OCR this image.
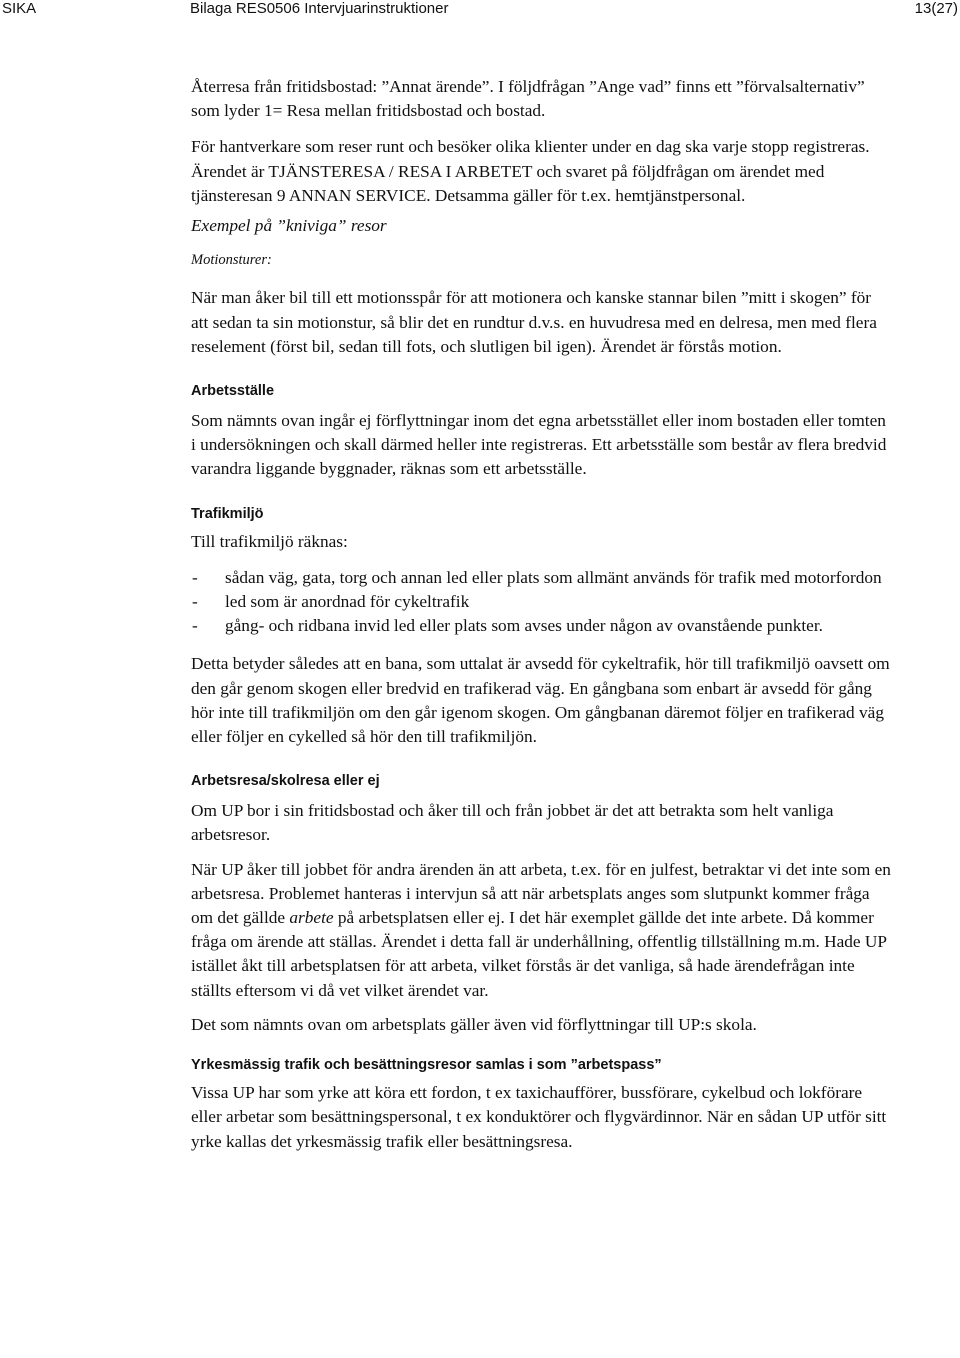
SIKA	Bilaga RES0506 Intervjuarinstruktioner	13(27)

Återresa från fritidsbostad: ”Annat ärende”. I följdfrågan ”Ange vad” finns ett ”förvalsalternativ” som lyder 1= Resa mellan fritidsbostad och bostad.

För hantverkare som reser runt och besöker olika klienter under en dag ska varje stopp registreras. Ärendet är TJÄNSTERESA / RESA I ARBETET och svaret på följdfrågan om ärendet med tjänsteresan 9 ANNAN SERVICE. Detsamma gäller för t.ex. hemtjänstpersonal.

Exempel på ”kniviga” resor

Motionsturer:

När man åker bil till ett motionsspår för att motionera och kanske stannar bilen ”mitt i skogen” för att sedan ta sin motionstur, så blir det en rundtur d.v.s. en huvudresa med en delresa, men med flera reselement (först bil, sedan till fots, och slutligen bil igen). Ärendet är förstås motion.

Arbetsställe

Som nämnts ovan ingår ej förflyttningar inom det egna arbetsstället eller inom bostaden eller tomten i undersökningen och skall därmed heller inte registreras. Ett arbetsställe som består av flera bredvid varandra liggande byggnader, räknas som ett arbetsställe.

Trafikmiljö

Till trafikmiljö räknas:

- sådan väg, gata, torg och annan led eller plats som allmänt används för trafik med motorfordon
- led som är anordnad för cykeltrafik
- gång- och ridbana invid led eller plats som avses under någon av ovanstående punkter.

Detta betyder således att en bana, som uttalat är avsedd för cykeltrafik, hör till trafikmiljö oavsett om den går genom skogen eller bredvid en trafikerad väg. En gångbana som enbart är avsedd för gång hör inte till trafikmiljön om den går igenom skogen. Om gångbanan däremot följer en trafikerad väg eller följer en cykelled så hör den till trafikmiljön.

Arbetsresa/skolresa eller ej

Om UP bor i sin fritidsbostad och åker till och från jobbet är det att betrakta som helt vanliga arbetsresor.

När UP åker till jobbet för andra ärenden än att arbeta, t.ex. för en julfest, betraktar vi det inte som en arbetsresa. Problemet hanteras i intervjun så att när arbetsplats anges som slutpunkt kommer fråga om det gällde arbete på arbetsplatsen eller ej. I det här exemplet gällde det inte arbete. Då kommer fråga om ärende att ställas. Ärendet i detta fall är underhållning, offentlig tillställning m.m. Hade UP istället åkt till arbetsplatsen för att arbeta, vilket förstås är det vanliga, så hade ärendefrågan inte ställts eftersom vi då vet vilket ärendet var.

Det som nämnts ovan om arbetsplats gäller även vid förflyttningar till UP:s skola.

Yrkesmässig trafik och besättningsresor samlas i som ”arbetspass”

Vissa UP har som yrke att köra ett fordon, t ex taxichaufförer, bussförare, cykelbud och lokförare eller arbetar som besättningspersonal, t ex konduktörer och flygvärdinnor. När en sådan UP utför sitt yrke kallas det yrkesmässig trafik eller besättningsresa.
